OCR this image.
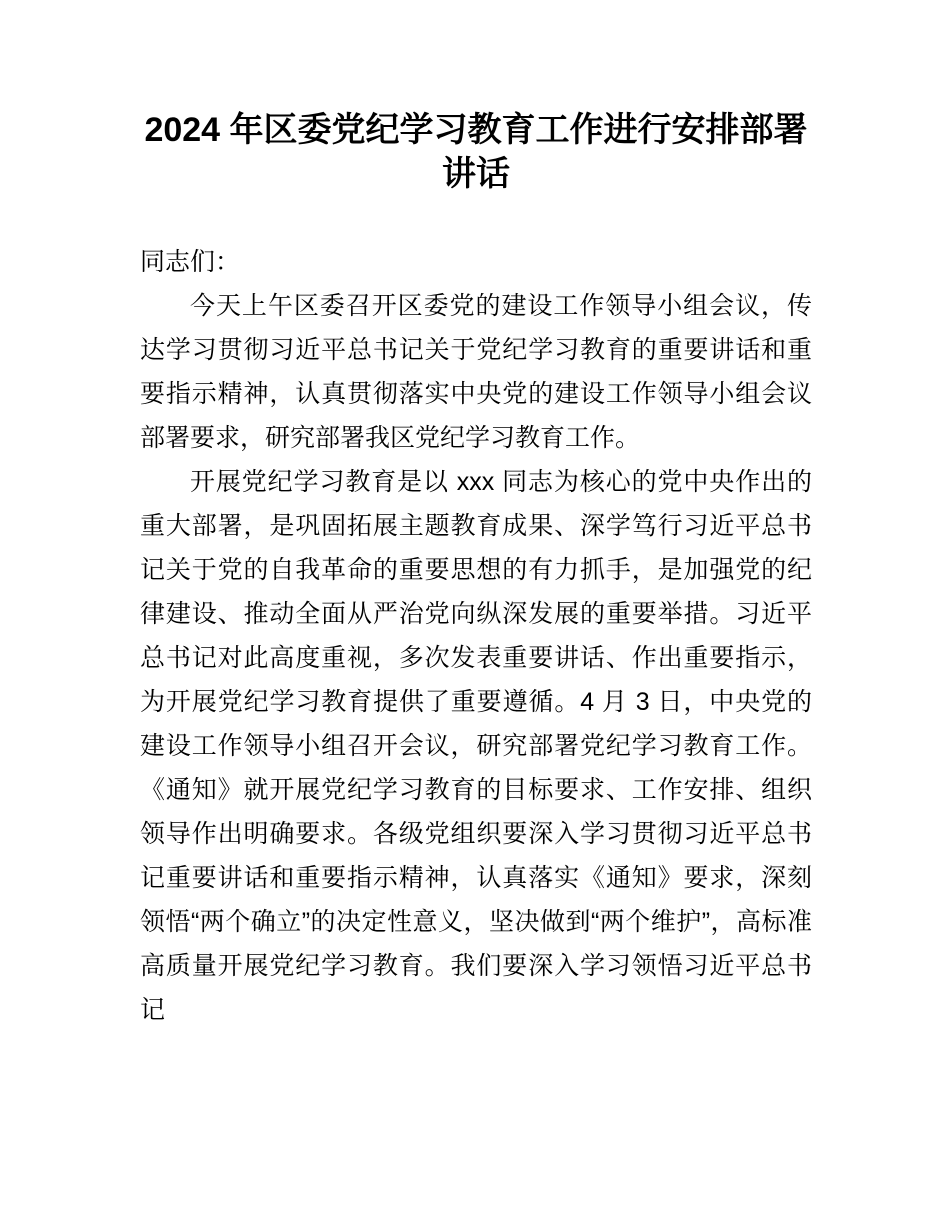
2024 年区委党纪学习教育工作进行安排部署
讲话

同志们：

今天上午区委召开区委党的建设工作领导小组会议，传达学习贯彻习近平总书记关于党纪学习教育的重要讲话和重要指示精神，认真贯彻落实中央党的建设工作领导小组会议部署要求，研究部署我区党纪学习教育工作。

开展党纪学习教育是以 xxx 同志为核心的党中央作出的重大部署，是巩固拓展主题教育成果、深学笃行习近平总书记关于党的自我革命的重要思想的有力抓手，是加强党的纪律建设、推动全面从严治党向纵深发展的重要举措。习近平总书记对此高度重视，多次发表重要讲话、作出重要指示，为开展党纪学习教育提供了重要遵循。4 月 3 日，中央党的建设工作领导小组召开会议，研究部署党纪学习教育工作。《通知》就开展党纪学习教育的目标要求、工作安排、组织领导作出明确要求。各级党组织要深入学习贯彻习近平总书记重要讲话和重要指示精神，认真落实《通知》要求，深刻领悟“两个确立”的决定性意义，坚决做到“两个维护”，高标准高质量开展党纪学习教育。我们要深入学习领悟习近平总书记
